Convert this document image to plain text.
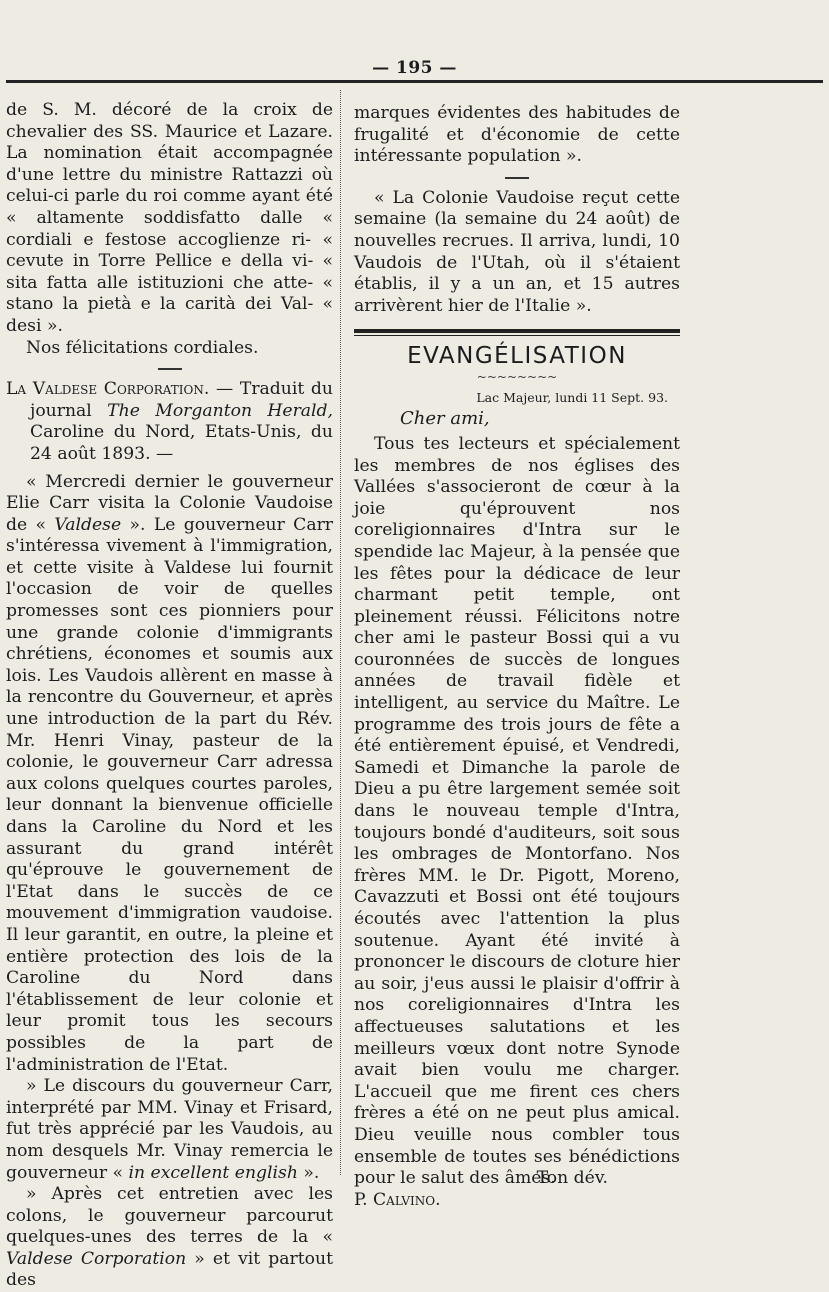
— 195 —

de S. M. décoré de la croix de chevalier des SS. Maurice et Lazare. La nomination était accompagnée d'une lettre du ministre Rattazzi où celui-ci parle du roi comme ayant été « altamente soddisfatto dalle « cordiali e festose accoglienze ri- « cevute in Torre Pellice e della vi- « sita fatta alle istituzioni che atte- « stano la pietà e la carità dei Val- « desi ».

Nos félicitations cordiales.

La Valdese Corporation. — Traduit du journal The Morganton Herald, Caroline du Nord, Etats-Unis, du 24 août 1893. —

« Mercredi dernier le gouverneur Elie Carr visita la Colonie Vaudoise de « Valdese ». Le gouverneur Carr s'intéressa vivement à l'immigration, et cette visite à Valdese lui fournit l'occasion de voir de quelles promesses sont ces pionniers pour une grande colonie d'immigrants chrétiens, économes et soumis aux lois. Les Vaudois allèrent en masse à la rencontre du Gouverneur, et après une introduction de la part du Rév. Mr. Henri Vinay, pasteur de la colonie, le gouverneur Carr adressa aux colons quelques courtes paroles, leur donnant la bienvenue officielle dans la Caroline du Nord et les assurant du grand intérêt qu'éprouve le gouvernement de l'Etat dans le succès de ce mouvement d'immigration vaudoise. Il leur garantit, en outre, la pleine et entière protection des lois de la Caroline du Nord dans l'établissement de leur colonie et leur promit tous les secours possibles de la part de l'administration de l'Etat.

» Le discours du gouverneur Carr, interprété par MM. Vinay et Frisard, fut très apprécié par les Vaudois, au nom desquels Mr. Vinay remercia le gouverneur « in excellent english ».

» Après cet entretien avec les colons, le gouverneur parcourut quelques-unes des terres de la « Valdese Corporation » et vit partout des

marques évidentes des habitudes de frugalité et d'économie de cette intéressante population ».

« La Colonie Vaudoise reçut cette semaine (la semaine du 24 août) de nouvelles recrues. Il arriva, lundi, 10 Vaudois de l'Utah, où il s'étaient établis, il y a un an, et 15 autres arrivèrent hier de l'Italie ».

EVANGÉLISATION
~~~~~~~~
Lac Majeur, lundi 11 Sept. 93.
Cher ami,

Tous tes lecteurs et spécialement les membres de nos églises des Vallées s'associeront de cœur à la joie qu'éprouvent nos coreligionnaires d'Intra sur le spendide lac Majeur, à la pensée que les fêtes pour la dédicace de leur charmant petit temple, ont pleinement réussi. Félicitons notre cher ami le pasteur Bossi qui a vu couronnées de succès de longues années de travail fidèle et intelligent, au service du Maître. Le programme des trois jours de fête a été entièrement épuisé, et Vendredi, Samedi et Dimanche la parole de Dieu a pu être largement semée soit dans le nouveau temple d'Intra, toujours bondé d'auditeurs, soit sous les ombrages de Montorfano. Nos frères MM. le Dr. Pigott, Moreno, Cavazzuti et Bossi ont été toujours écoutés avec l'attention la plus soutenue. Ayant été invité à prononcer le discours de cloture hier au soir, j'eus aussi le plaisir d'offrir à nos coreligionnaires d'Intra les affectueuses salutations et les meilleurs vœux dont notre Synode avait bien voulu me charger. L'accueil que me firent ces chers frères a été on ne peut plus amical. Dieu veuille nous combler tous ensemble de toutes ses bénédictions pour le salut des âmes.

Ton dév.

P. Calvino.
